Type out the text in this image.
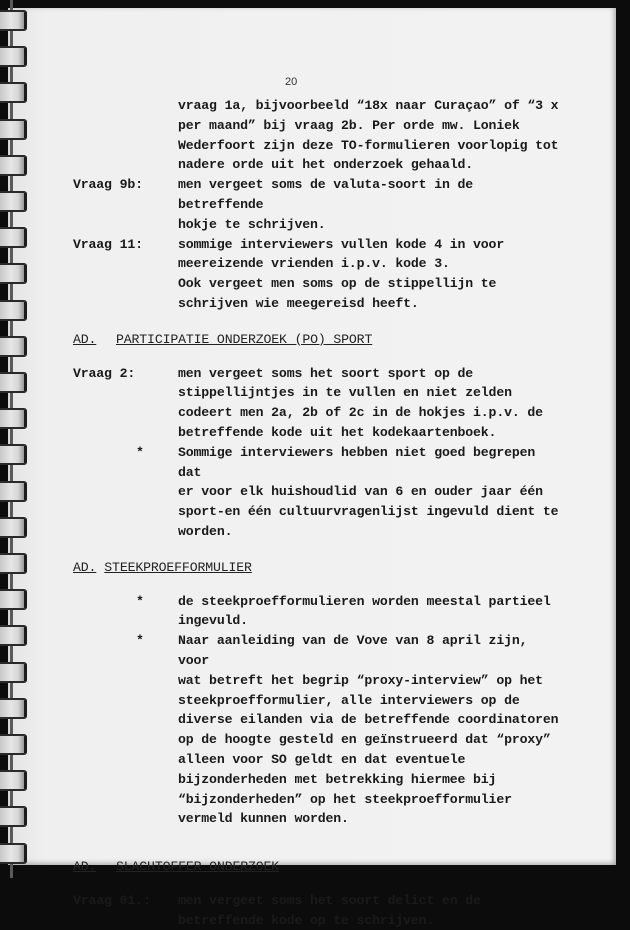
20
vraag 1a, bijvoorbeeld “18x naar Curaçao” of “3 x
per maand” bij vraag 2b. Per orde mw. Loniek
Wederfoort zijn deze TO-formulieren voorlopig tot
nadere orde uit het onderzoek gehaald.
Vraag 9b:	men vergeet soms de valuta-soort in de betreffende
hokje te schrijven.
Vraag 11:	sommige interviewers vullen kode 4 in voor
meereizende vrienden i.p.v. kode 3.
Ook vergeet men soms op de stippellijn te
schrijven wie meegereisd heeft.
AD.	PARTICIPATIE ONDERZOEK (PO) SPORT
Vraag 2:	men vergeet soms het soort sport op de
stippellijntjes in te vullen en niet zelden
codeert men 2a, 2b of 2c in de hokjes i.p.v. de
betreffende kode uit het kodekaartenboek.
*	Sommige interviewers hebben niet goed begrepen dat
er voor elk huishoudlid van 6 en ouder jaar één
sport-en één cultuurvragenlijst ingevuld dient te
worden.
AD. STEEKPROEFFORMULIER
*	de steekproefformulieren worden meestal partieel
ingevuld.
*	Naar aanleiding van de Vove van 8 april zijn, voor
wat betreft het begrip “proxy-interview” op het
steekproefformulier, alle interviewers op de
diverse eilanden via de betreffende coordinatoren
op de hoogte gesteld en geïnstrueerd dat “proxy”
alleen voor SO geldt en dat eventuele
bijzonderheden met betrekking hiermee bij
“bijzonderheden” op het steekproefformulier
vermeld kunnen worden.
AD.	SLACHTOFFER ONDERZOEK
Vraag 01.:	men vergeet soms het soort delict en de
betreffende kode op te schrijven.
